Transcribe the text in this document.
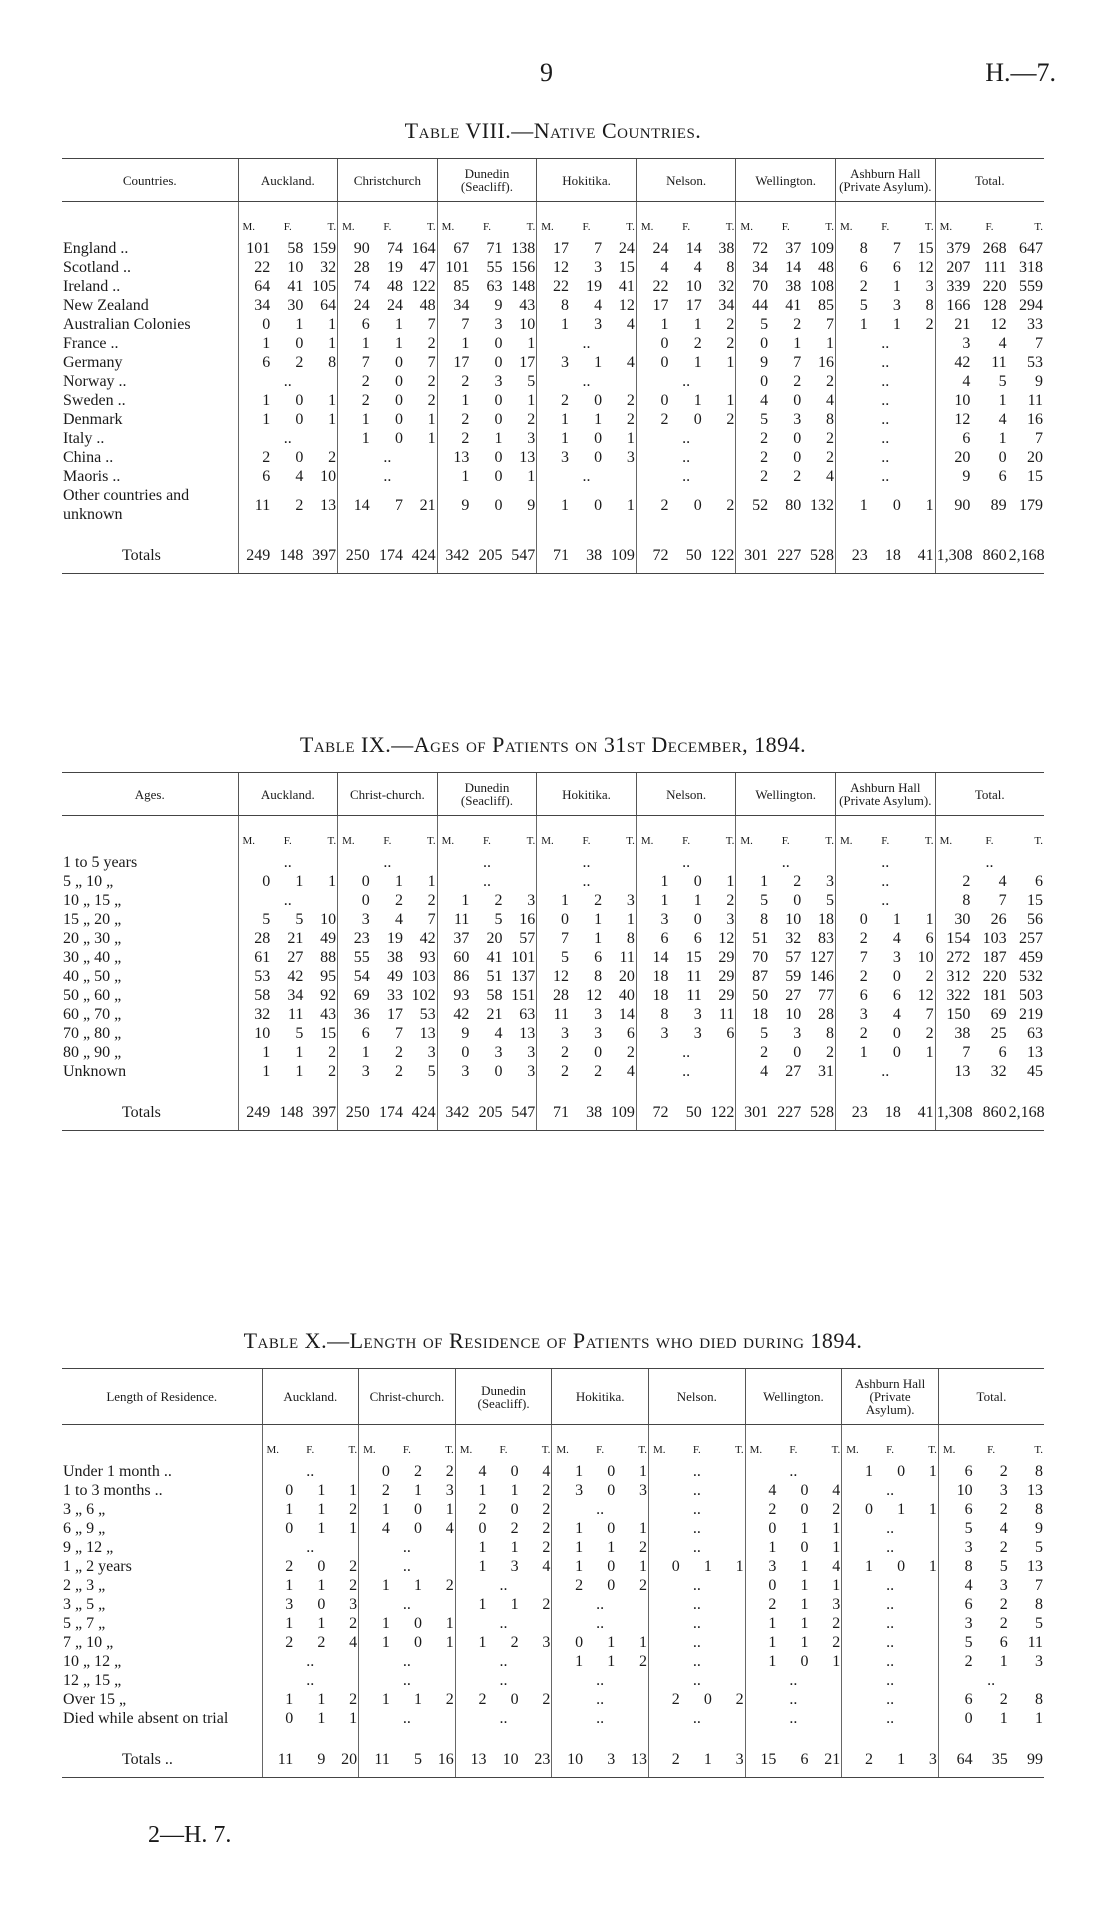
9	H.—7.
Table VIII.—Native Countries.
Countries.	Auckland.			Christchurch			Dunedin (Seacliff).			Hokitika.			Nelson.			Wellington.			Ashburn Hall (Private Asylum).			Total.		
	M.	F.	T.	M.	F.	T.	M.	F.	T.	M.	F.	T.	M.	F.	T.	M.	F.	T.	M.	F.	T.	M.	F.	T.
England ..	101	58	159	90	74	164	67	71	138	17	7	24	24	14	38	72	37	109	8	7	15	379	268	647
Scotland ..	22	10	32	28	19	47	101	55	156	12	3	15	4	4	8	34	14	48	6	6	12	207	111	318
Ireland ..	64	41	105	74	48	122	85	63	148	22	19	41	22	10	32	70	38	108	2	1	3	339	220	559
New Zealand	34	30	64	24	24	48	34	9	43	8	4	12	17	17	34	44	41	85	5	3	8	166	128	294
Australian Colonies	0	1	1	6	1	7	7	3	10	1	3	4	1	1	2	5	2	7	1	1	2	21	12	33
France ..	1	0	1	1	1	2	1	0	1		..		0	2	2	0	1	1		..		3	4	7
Germany	6	2	8	7	0	7	17	0	17	3	1	4	0	1	1	9	7	16		..		42	11	53
Norway ..		..		2	0	2	2	3	5		..			..		0	2	2		..		4	5	9
Sweden ..	1	0	1	2	0	2	1	0	1	2	0	2	0	1	1	4	0	4		..		10	1	11
Denmark	1	0	1	1	0	1	2	0	2	1	1	2	2	0	2	5	3	8		..		12	4	16
Italy ..		..		1	0	1	2	1	3	1	0	1		..		2	0	2		..		6	1	7
China ..	2	0	2		..		13	0	13	3	0	3		..		2	0	2		..		20	0	20
Maoris ..	6	4	10		..		1	0	1		..			..		2	2	4		..		9	6	15
Other countries and unknown	11	2	13	14	7	21	9	0	9	1	0	1	2	0	2	52	80	132	1	0	1	90	89	179
Totals	249	148	397	250	174	424	342	205	547	71	38	109	72	50	122	301	227	528	23	18	41	1,308	860	2,168
Table IX.—Ages of Patients on 31st December, 1894.
Ages.	Auckland.			Christ-church.			Dunedin (Seacliff).			Hokitika.			Nelson.			Wellington.			Ashburn Hall (Private Asylum).			Total.		
	M.	F.	T.	M.	F.	T.	M.	F.	T.	M.	F.	T.	M.	F.	T.	M.	F.	T.	M.	F.	T.	M.	F.	T.
1 to 5 years		..			..			..			..			..			..			..			..	
5 „ 10 „	0	1	1	0	1	1		..			..		1	0	1	1	2	3		..		2	4	6
10 „ 15 „		..		0	2	2	1	2	3	1	2	3	1	1	2	5	0	5		..		8	7	15
15 „ 20 „	5	5	10	3	4	7	11	5	16	0	1	1	3	0	3	8	10	18	0	1	1	30	26	56
20 „ 30 „	28	21	49	23	19	42	37	20	57	7	1	8	6	6	12	51	32	83	2	4	6	154	103	257
30 „ 40 „	61	27	88	55	38	93	60	41	101	5	6	11	14	15	29	70	57	127	7	3	10	272	187	459
40 „ 50 „	53	42	95	54	49	103	86	51	137	12	8	20	18	11	29	87	59	146	2	0	2	312	220	532
50 „ 60 „	58	34	92	69	33	102	93	58	151	28	12	40	18	11	29	50	27	77	6	6	12	322	181	503
60 „ 70 „	32	11	43	36	17	53	42	21	63	11	3	14	8	3	11	18	10	28	3	4	7	150	69	219
70 „ 80 „	10	5	15	6	7	13	9	4	13	3	3	6	3	3	6	5	3	8	2	0	2	38	25	63
80 „ 90 „	1	1	2	1	2	3	0	3	3	2	0	2		..		2	0	2	1	0	1	7	6	13
Unknown	1	1	2	3	2	5	3	0	3	2	2	4		..		4	27	31		..		13	32	45
Totals	249	148	397	250	174	424	342	205	547	71	38	109	72	50	122	301	227	528	23	18	41	1,308	860	2,168
Table X.—Length of Residence of Patients who died during 1894.
Length of Residence.	Auckland.			Christ-church.			Dunedin (Seacliff).			Hokitika.			Nelson.			Wellington.			Ashburn Hall (Private Asylum).			Total.		
	M.	F.	T.	M.	F.	T.	M.	F.	T.	M.	F.	T.	M.	F.	T.	M.	F.	T.	M.	F.	T.	M.	F.	T.
Under 1 month ..		..		0	2	2	4	0	4	1	0	1		..			..		1	0	1	6	2	8
1 to 3 months ..	0	1	1	2	1	3	1	1	2	3	0	3		..		4	0	4		..		10	3	13
3 „ 6 „	1	1	2	1	0	1	2	0	2		..			..		2	0	2	0	1	1	6	2	8
6 „ 9 „	0	1	1	4	0	4	0	2	2	1	0	1		..		0	1	1		..		5	4	9
9 „ 12 „		..			..		1	1	2	1	1	2		..		1	0	1		..		3	2	5
1 „ 2 years	2	0	2		..		1	3	4	1	0	1	0	1	1	3	1	4	1	0	1	8	5	13
2 „ 3 „	1	1	2	1	1	2		..		2	0	2		..		0	1	1		..		4	3	7
3 „ 5 „	3	0	3		..		1	1	2		..			..		2	1	3		..		6	2	8
5 „ 7 „	1	1	2	1	0	1		..			..			..		1	1	2		..		3	2	5
7 „ 10 „	2	2	4	1	0	1	1	2	3	0	1	1		..		1	1	2		..		5	6	11
10 „ 12 „		..			..			..		1	1	2		..		1	0	1		..		2	1	3
12 „ 15 „		..			..			..			..			..			..			..			..	
Over 15 „	1	1	2	1	1	2	2	0	2		..		2	0	2		..			..		6	2	8
Died while absent on trial	0	1	1		..			..			..			..			..			..		0	1	1
Totals ..	11	9	20	11	5	16	13	10	23	10	3	13	2	1	3	15	6	21	2	1	3	64	35	99
2—H. 7.
